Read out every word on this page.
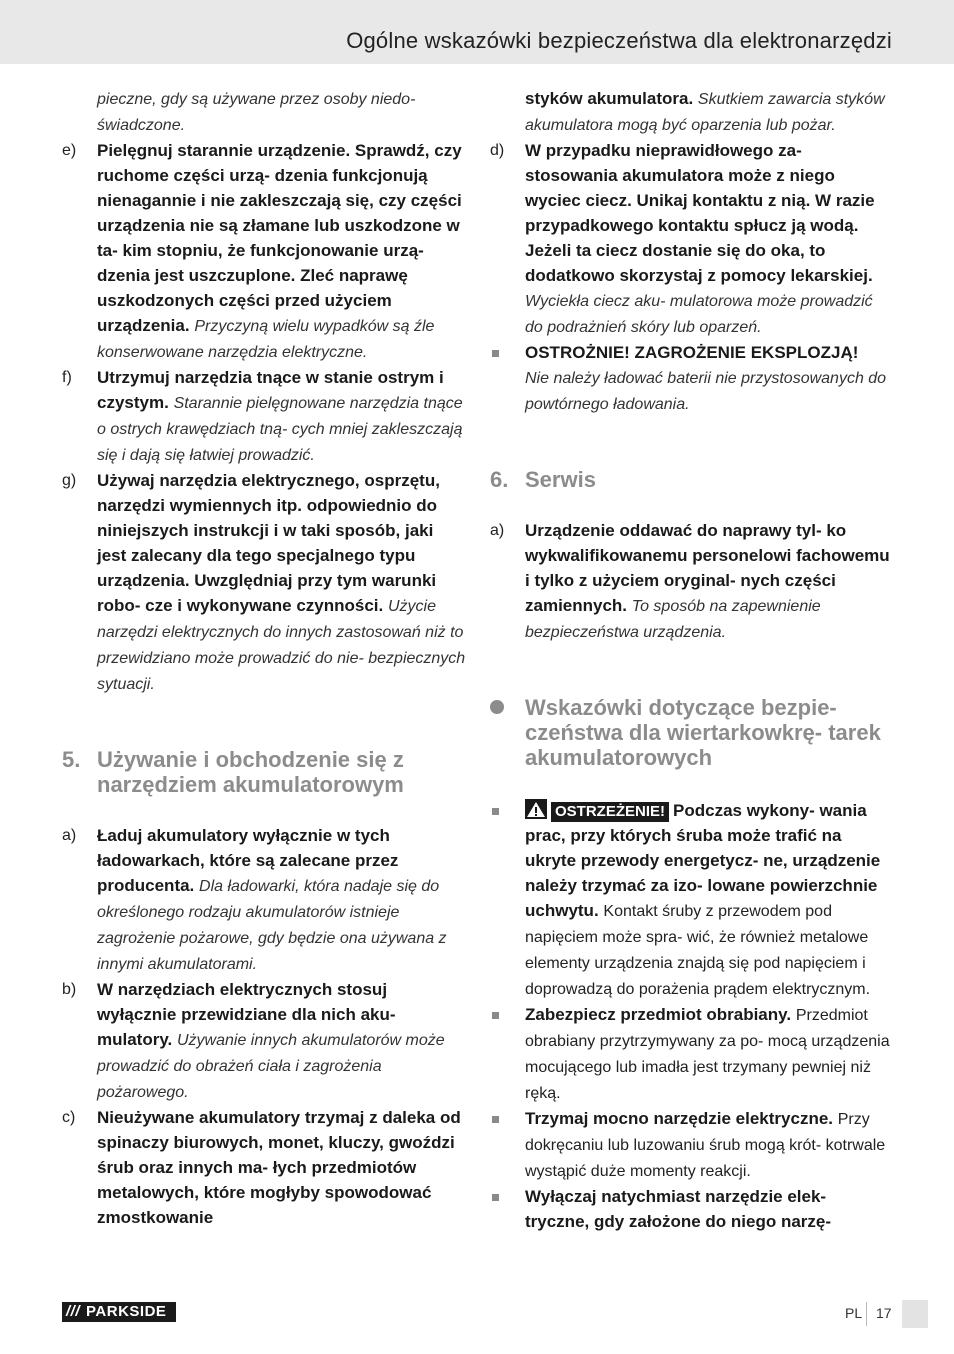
Ogólne wskazówki bezpieczeństwa dla elektronarzędzi

pieczne, gdy są używane przez osoby niedo- świadczone.

e)	Pielęgnuj starannie urządzenie. Sprawdź, czy ruchome części urzą- dzenia funkcjonują nienagannie i nie zakleszczają się, czy części urządzenia nie są złamane lub uszkodzone w ta- kim stopniu, że funkcjonowanie urzą- dzenia jest uszczuplone. Zleć naprawę uszkodzonych części przed użyciem urządzenia. Przyczyną wielu wypadków są źle konserwowane narzędzia elektryczne.

f)	Utrzymuj narzędzia tnące w stanie ostrym i czystym. Starannie pielęgnowane narzędzia tnące o ostrych krawędziach tną- cych mniej zakleszczają się i dają się łatwiej prowadzić.

g)	Używaj narzędzia elektrycznego, osprzętu, narzędzi wymiennych itp. odpowiednio do niniejszych instrukcji i w taki sposób, jaki jest zalecany dla tego specjalnego typu urządzenia. Uwzględniaj przy tym warunki robo- cze i wykonywane czynności. Użycie narzędzi elektrycznych do innych zastosowań niż to przewidziano może prowadzić do nie- bezpiecznych sytuacji.

5. Używanie i obchodzenie się z narzędziem akumulatorowym

a)	Ładuj akumulatory wyłącznie w tych ładowarkach, które są zalecane przez producenta. Dla ładowarki, która nadaje się do określonego rodzaju akumulatorów istnieje zagrożenie pożarowe, gdy będzie ona używana z innymi akumulatorami.

b)	W narzędziach elektrycznych stosuj wyłącznie przewidziane dla nich aku- mulatory. Używanie innych akumulatorów może prowadzić do obrażeń ciała i zagrożenia pożarowego.

c)	Nieużywane akumulatory trzymaj z daleka od spinaczy biurowych, monet, kluczy, gwoździ śrub oraz innych ma- łych przedmiotów metalowych, które mogłyby spowodować zmostkowanie

styków akumulatora. Skutkiem zawarcia styków akumulatora mogą być oparzenia lub pożar.

d)	W przypadku nieprawidłowego za- stosowania akumulatora może z niego wyciec ciecz. Unikaj kontaktu z nią. W razie przypadkowego kontaktu spłucz ją wodą. Jeżeli ta ciecz dostanie się do oka, to dodatkowo skorzystaj z pomocy lekarskiej. Wyciekła ciecz aku- mulatorowa może prowadzić do podrażnień skóry lub oparzeń.

OSTROŻNIE! ZAGROŻENIE EKSPLOZJĄ!
Nie należy ładować baterii nie przystosowanych do powtórnego ładowania.

6. Serwis

a)	Urządzenie oddawać do naprawy tyl- ko wykwalifikowanemu personelowi fachowemu i tylko z użyciem oryginal- nych części zamiennych. To sposób na zapewnienie bezpieczeństwa urządzenia.

Wskazówki dotyczące bezpie- czeństwa dla wiertarkowkrę- tarek akumulatorowych

OSTRZEŻENIE! Podczas wykony- wania prac, przy których śruba może trafić na ukryte przewody energetycz- ne, urządzenie należy trzymać za izo- lowane powierzchnie uchwytu. Kontakt śruby z przewodem pod napięciem może spra- wić, że również metalowe elementy urządzenia znajdą się pod napięciem i doprowadzą do porażenia prądem elektrycznym.

Zabezpiecz przedmiot obrabiany. Przedmiot obrabiany przytrzymywany za po- mocą urządzenia mocującego lub imadła jest trzymany pewniej niż ręką.

Trzymaj mocno narzędzie elektryczne. Przy dokręcaniu lub luzowaniu śrub mogą krót- kotrwale wystąpić duże momenty reakcji.

Wyłączaj natychmiast narzędzie elek- tryczne, gdy założone do niego narzę-

/// PARKSIDE	PL 17
